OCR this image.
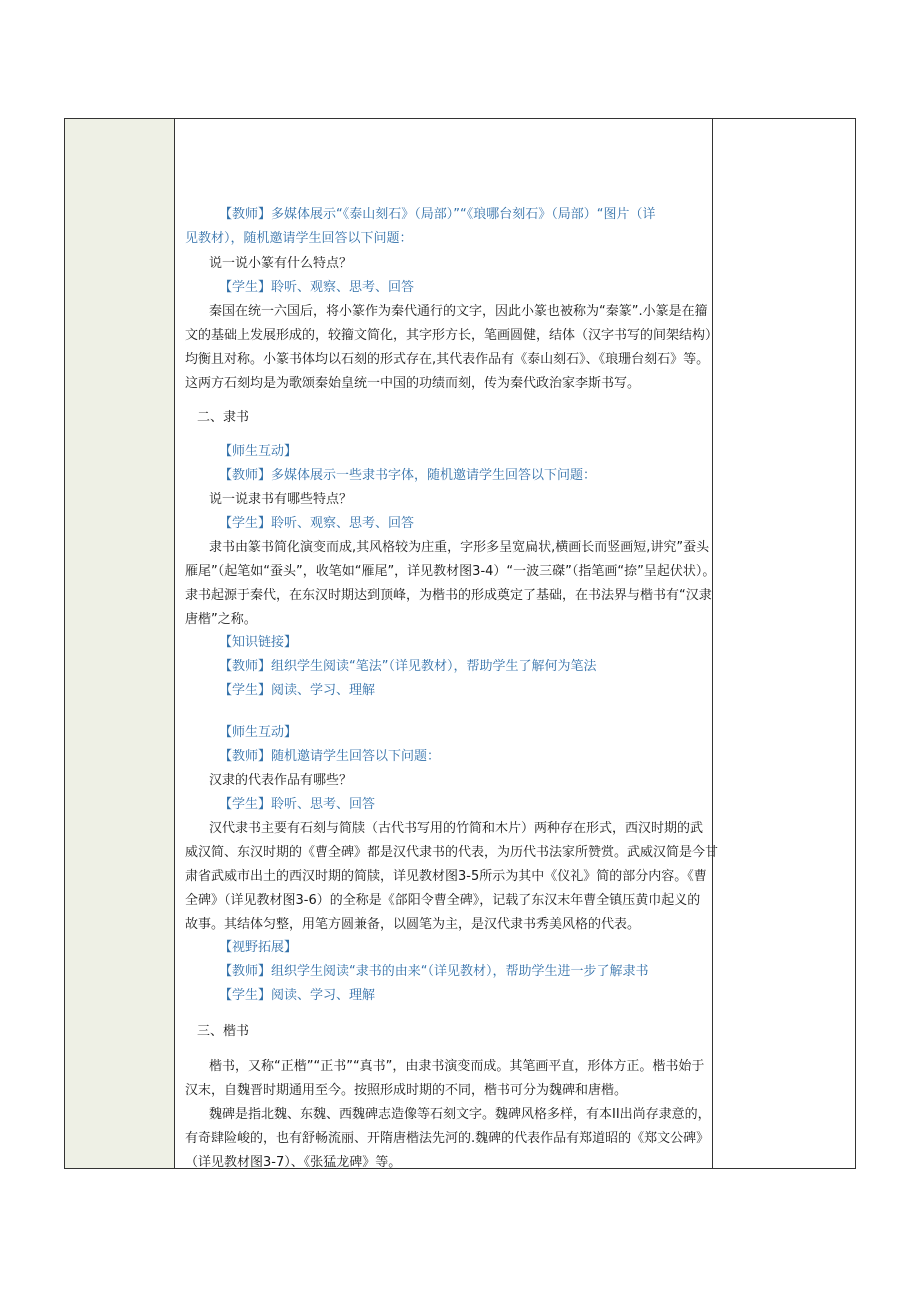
【教师】多媒体展示“《泰山刻石》（局部）”“《琅哪台刻石》（局部）“图片（详
见教材），随机邀请学生回答以下问题：
说一说小篆有什么特点？
【学生】聆听、观察、思考、回答
秦国在统一六国后，将小篆作为秦代通行的文字，因此小篆也被称为“秦篆”.小篆是在籀
文的基础上发展形成的，较籀文简化，其字形方长，笔画圆健，结体（汉字书写的间架结构）
均衡且对称。小篆书体均以石刻的形式存在,其代表作品有《泰山刻石》、《琅珊台刻石》等。
这两方石刻均是为歌颂秦始皇统一中国的功绩而刻，传为秦代政治家李斯书写。
二、隶书
【师生互动】
【教师】多媒体展示一些隶书字体，随机邀请学生回答以下问题：
说一说隶书有哪些特点？
【学生】聆听、观察、思考、回答
隶书由篆书简化演变而成,其风格较为庄重，字形多呈宽扁状,横画长而竖画短,讲究”蚕头
雁尾”（起笔如“蚕头”，收笔如“雁尾”，详见教材图3-4）“一波三磔”（指笔画“捺”呈起伏状）。
隶书起源于秦代，在东汉时期达到顶峰，为楷书的形成奠定了基础，在书法界与楷书有“汉隶
唐楷”之称。
【知识链接】
【教师】组织学生阅读“笔法”（详见教材），帮助学生了解何为笔法
【学生】阅读、学习、理解
【师生互动】
【教师】随机邀请学生回答以下问题：
汉隶的代表作品有哪些？
【学生】聆听、思考、回答
汉代隶书主要有石刻与简牍（古代书写用的竹简和木片）两种存在形式，西汉时期的武
威汉简、东汉时期的《曹全碑》都是汉代隶书的代表，为历代书法家所赞赏。武威汉简是今甘
肃省武威市出土的西汉时期的简牍，详见教材图3-5所示为其中《仪礼》简的部分内容。《曹
全碑》（详见教材图3-6）的全称是《郃阳令曹全碑》，记载了东汉末年曹全镇压黄巾起义的
故事。其结体匀整，用笔方圆兼备，以圆笔为主，是汉代隶书秀美风格的代表。
【视野拓展】
【教师】组织学生阅读“隶书的由来“（详见教材），帮助学生进一步了解隶书
【学生】阅读、学习、理解
三、楷书
楷书，又称“正楷”“正书”“真书”，由隶书演变而成。其笔画平直，形体方正。楷书始于
汉末，自魏晋时期通用至今。按照形成时期的不同，楷书可分为魏碑和唐楷。
魏碑是指北魏、东魏、西魏碑志造像等石刻文字。魏碑风格多样，有本II出尚存隶意的，
有奇肆险峻的，也有舒畅流丽、开隋唐楷法先河的.魏碑的代表作品有郑道昭的《郑文公碑》
（详见教材图3-7）、《张猛龙碑》等。
